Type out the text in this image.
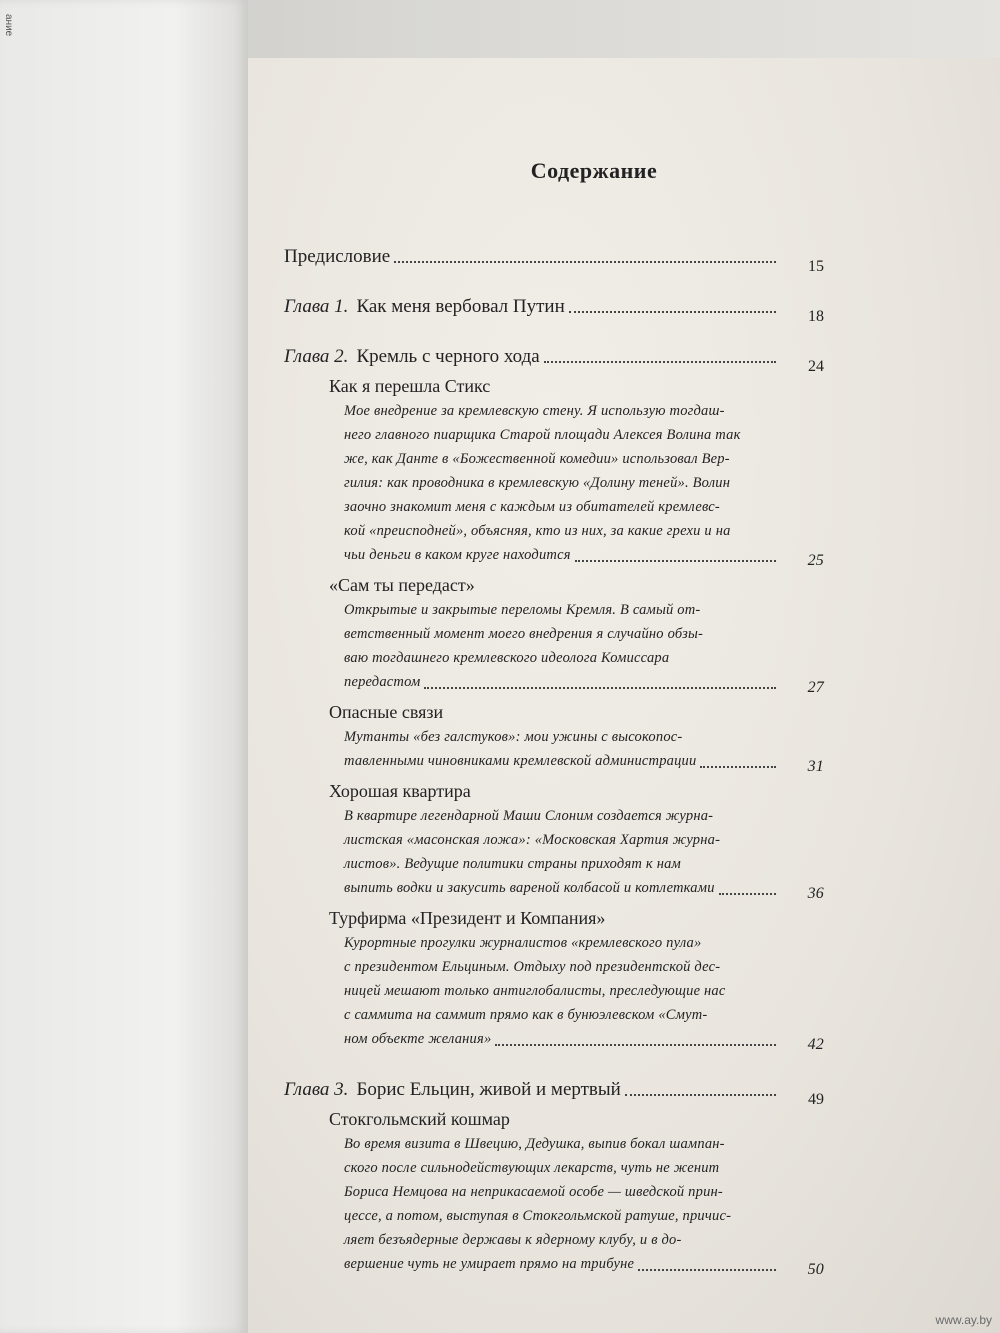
ание
Содержание
Предисловие	15
Глава 1. Как меня вербовал Путин	18
Глава 2. Кремль с черного хода	24
Как я перешла Стикс
Мое внедрение за кремлевскую стену. Я использую тогдаш-
него главного пиарщика Старой площади Алексея Волина так
же, как Данте в «Божественной комедии» использовал Вер-
гилия: как проводника в кремлевскую «Долину теней». Волин
заочно знакомит меня с каждым из обитателей кремлевс-
кой «преисподней», объясняя, кто из них, за какие грехи и на
чьи деньги в каком круге находится	25
«Сам ты передаст»
Открытые и закрытые переломы Кремля. В самый от-
ветственный момент моего внедрения я случайно обзы-
ваю тогдашнего кремлевского идеолога Комиссара
передастом	27
Опасные связи
Мутанты «без галстуков»: мои ужины с высокопос-
тавленными чиновниками кремлевской администрации	31
Хорошая квартира
В квартире легендарной Маши Слоним создается журна-
листская «масонская ложа»: «Московская Хартия журна-
листов». Ведущие политики страны приходят к нам
выпить водки и закусить вареной колбасой и котлетками	36
Турфирма «Президент и Компания»
Курортные прогулки журналистов «кремлевского пула»
с президентом Ельциным. Отдыху под президентской дес-
ницей мешают только антиглобалисты, преследующие нас
с саммита на саммит прямо как в бунюэлевском «Смут-
ном объекте желания»	42
Глава 3. Борис Ельцин, живой и мертвый	49
Стокгольмский кошмар
Во время визита в Швецию, Дедушка, выпив бокал шампан-
ского после сильнодействующих лекарств, чуть не женит
Бориса Немцова на неприкасаемой особе — шведской прин-
цессе, а потом, выступая в Стокгольмской ратуше, причис-
ляет безъядерные державы к ядерному клубу, и в до-
вершение чуть не умирает прямо на трибуне	50
www.ay.by
